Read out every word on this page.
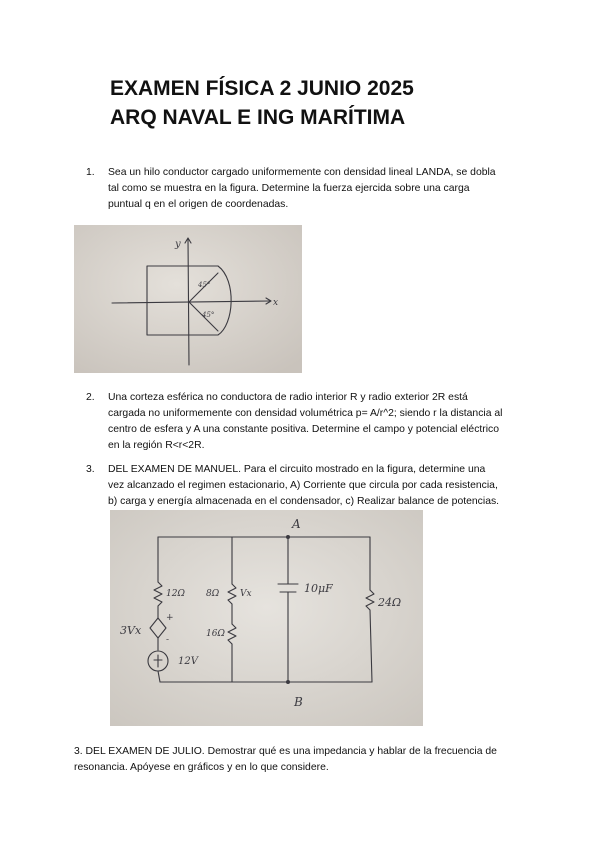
EXAMEN FÍSICA 2 JUNIO 2025
ARQ NAVAL E ING MARÍTIMA

1. Sea un hilo conductor cargado uniformemente con densidad lineal LANDA, se dobla
tal como se muestra en la figura. Determine la fuerza ejercida sobre una carga
puntual q en el origen de coordenadas.

y
x
45°
45°

2. Una corteza esférica no conductora de radio interior R y radio exterior 2R está
cargada no uniformemente con densidad volumétrica p= A/r^2; siendo r la distancia al
centro de esfera y A una constante positiva. Determine el campo y potencial eléctrico
en la región R<r<2R.

3. DEL EXAMEN DE MANUEL. Para el circuito mostrado en la figura, determine una
vez alcanzado el regimen estacionario, A) Corriente que circula por cada resistencia,
b) carga y energía almacenada en el condensador, c) Realizar balance de potencias.

A
B
12Ω 8Ω Vx
16Ω
10μF
24Ω
3Vx
12V
+
-

3. DEL EXAMEN DE JULIO. Demostrar qué es una impedancia y hablar de la frecuencia de
resonancia. Apóyese en gráficos y en lo que considere.
